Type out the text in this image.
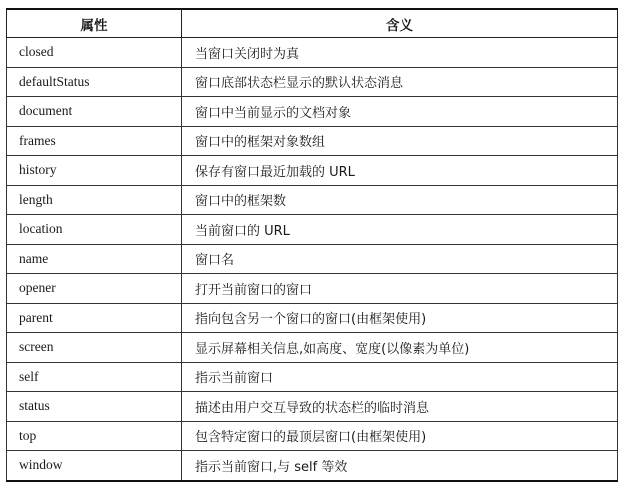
属性	含义
closed	当窗口关闭时为真
defaultStatus	窗口底部状态栏显示的默认状态消息
document	窗口中当前显示的文档对象
frames	窗口中的框架对象数组
history	保存有窗口最近加载的 URL
length	窗口中的框架数
location	当前窗口的 URL
name	窗口名
opener	打开当前窗口的窗口
parent	指向包含另一个窗口的窗口(由框架使用)
screen	显示屏幕相关信息,如高度、宽度(以像素为单位)
self	指示当前窗口
status	描述由用户交互导致的状态栏的临时消息
top	包含特定窗口的最顶层窗口(由框架使用)
window	指示当前窗口,与 self 等效
